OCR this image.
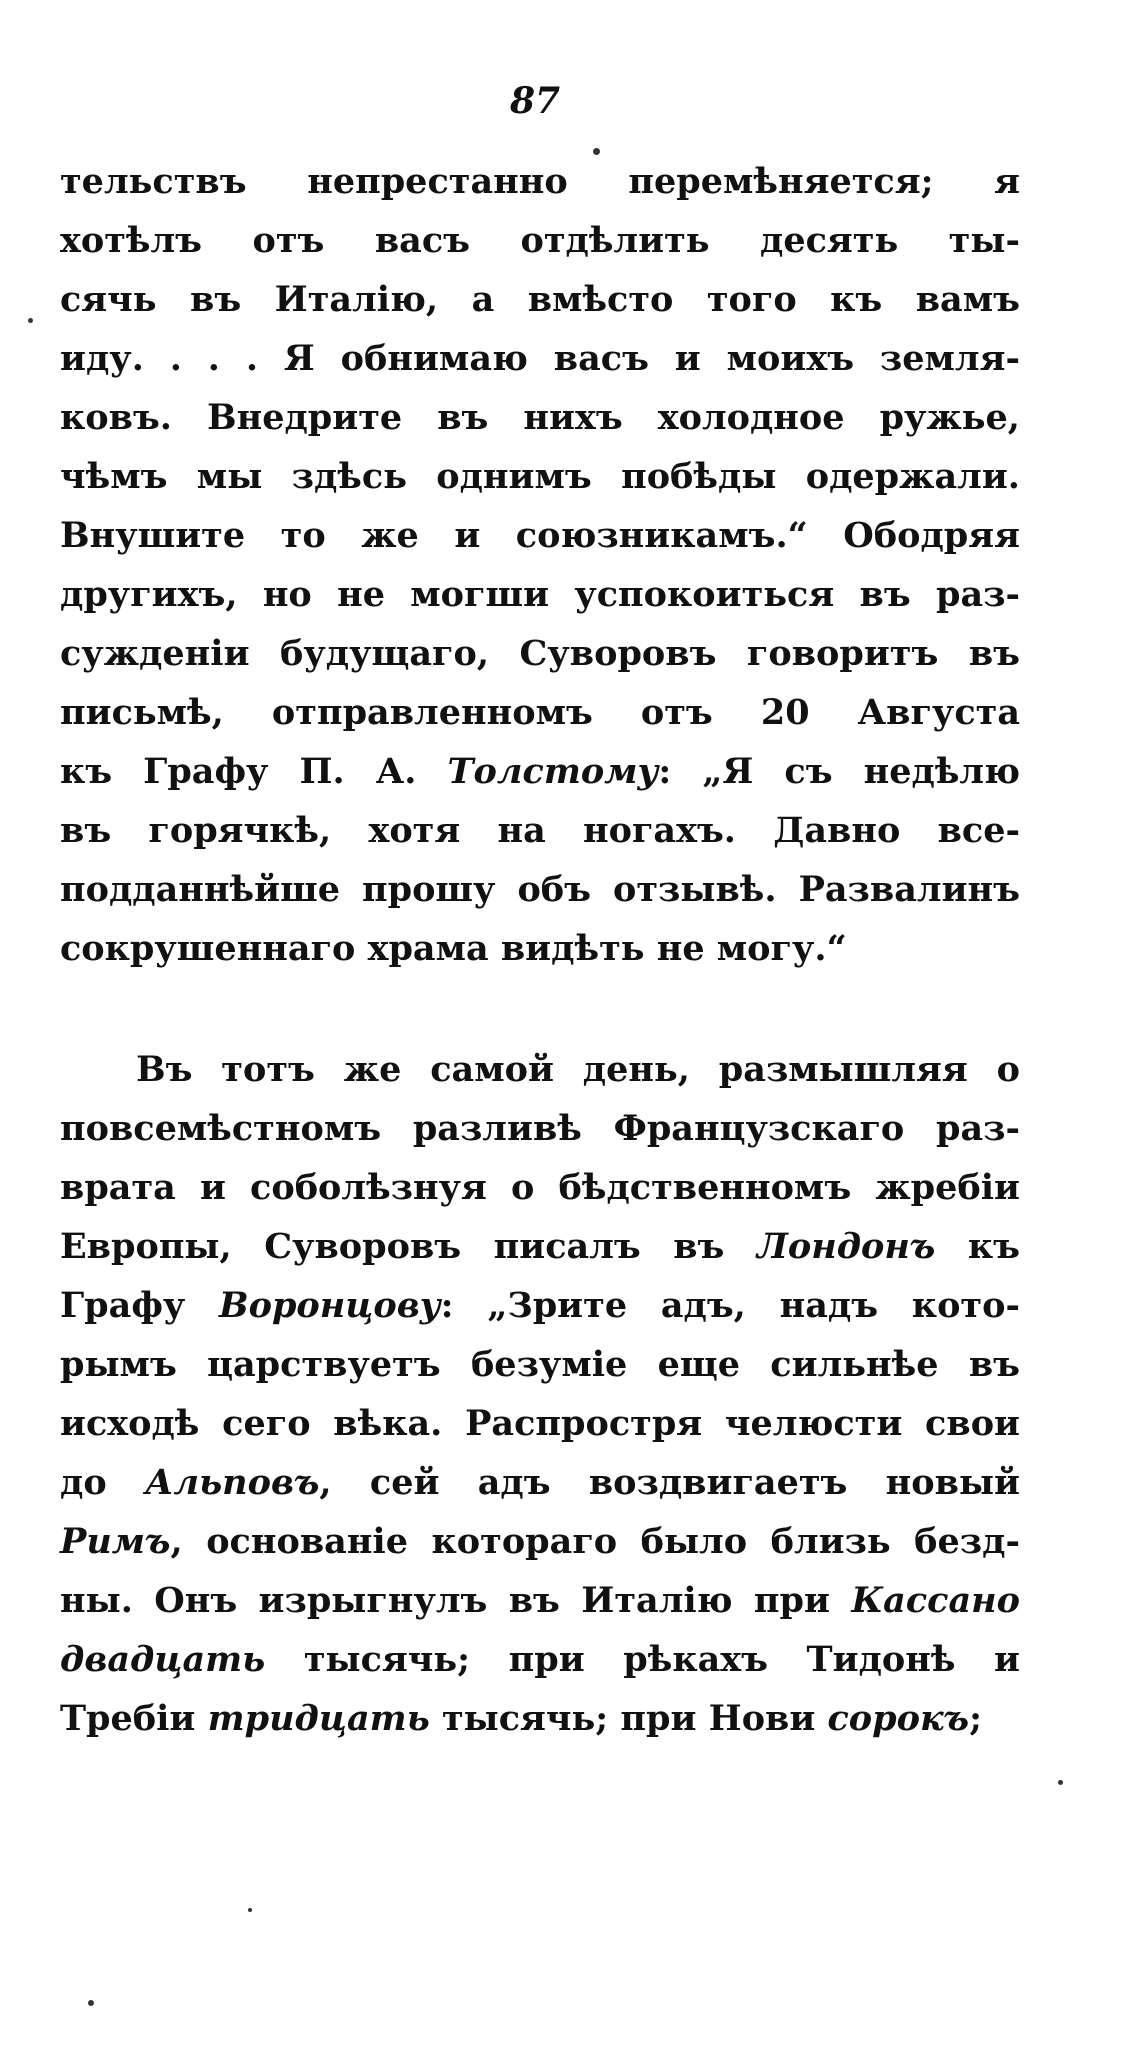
87
тельствъ непрестанно перемѣняется; я
хотѣлъ отъ васъ отдѣлить десять ты-
сячь въ Италію, а вмѣсто того къ вамъ
иду. . . . Я обнимаю васъ и моихъ земля-
ковъ. Внедрите въ нихъ холодное ружье,
чѣмъ мы здѣсь однимъ побѣды одержали.
Внушите то же и союзникамъ.“ Ободряя
другихъ, но не могши успокоиться въ раз-
сужденіи будущаго, Суворовъ говоритъ въ
письмѣ, отправленномъ отъ 20 Августа
къ Графу П. А. Толстому: „Я съ недѣлю
въ горячкѣ, хотя на ногахъ. Давно все-
подданнѣйше прошу объ отзывѣ. Развалинъ
сокрушеннаго храма видѣть не могу.“
Въ тотъ же самой день, размышляя о
повсемѣстномъ разливѣ Французскаго раз-
врата и соболѣзнуя о бѣдственномъ жребіи
Европы, Суворовъ писалъ въ Лондонъ къ
Графу Воронцову: „Зрите адъ, надъ кото-
рымъ царствуетъ безуміе еще сильнѣе въ
исходѣ сего вѣка. Распростря челюсти свои
до Альповъ, сей адъ воздвигаетъ новый
Римъ, основаніе котораго было близь безд-
ны. Онъ изрыгнулъ въ Италію при Кассано
двадцать тысячь; при рѣкахъ Тидонѣ и
Требіи тридцать тысячь; при Нови сорокъ;
